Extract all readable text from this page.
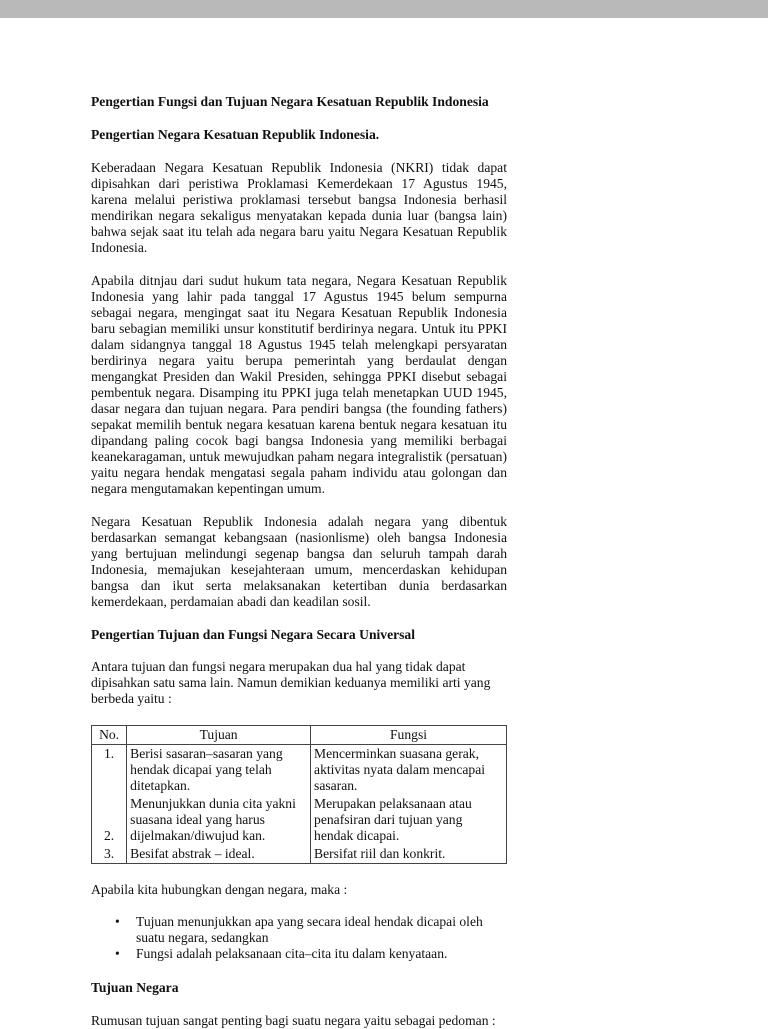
Pengertian Fungsi dan Tujuan Negara Kesatuan Republik Indonesia

Pengertian Negara Kesatuan Republik Indonesia.

Keberadaan Negara Kesatuan Republik Indonesia (NKRI) tidak dapat dipisahkan dari peristiwa Proklamasi Kemerdekaan 17 Agustus 1945, karena melalui peristiwa proklamasi tersebut bangsa Indonesia berhasil mendirikan negara sekaligus menyatakan kepada dunia luar (bangsa lain) bahwa sejak saat itu telah ada negara baru yaitu Negara Kesatuan Republik Indonesia.

Apabila ditnjau dari sudut hukum tata negara, Negara Kesatuan Republik Indonesia yang lahir pada tanggal 17 Agustus 1945 belum sempurna sebagai negara, mengingat saat itu Negara Kesatuan Republik Indonesia baru sebagian memiliki unsur konstitutif berdirinya negara. Untuk itu PPKI dalam sidangnya tanggal 18 Agustus 1945 telah melengkapi persyaratan berdirinya negara yaitu berupa pemerintah yang berdaulat dengan mengangkat Presiden dan Wakil Presiden, sehingga PPKI disebut sebagai pembentuk negara. Disamping itu PPKI juga telah menetapkan UUD 1945, dasar negara dan tujuan negara. Para pendiri bangsa (the founding fathers) sepakat memilih bentuk negara kesatuan karena bentuk negara kesatuan itu dipandang paling cocok bagi bangsa Indonesia yang memiliki berbagai keanekaragaman, untuk mewujudkan paham negara integralistik (persatuan) yaitu negara hendak mengatasi segala paham individu atau golongan dan negara mengutamakan kepentingan umum.

Negara Kesatuan Republik Indonesia adalah negara yang dibentuk berdasarkan semangat kebangsaan (nasionlisme) oleh bangsa Indonesia yang bertujuan melindungi segenap bangsa dan seluruh tampah darah Indonesia, memajukan kesejahteraan umum, mencerdaskan kehidupan bangsa dan ikut serta melaksanakan ketertiban dunia berdasarkan kemerdekaan, perdamaian abadi dan keadilan sosil.

Pengertian Tujuan dan Fungsi Negara Secara Universal

Antara tujuan dan fungsi negara merupakan dua hal yang tidak dapat dipisahkan satu sama lain. Namun demikian keduanya memiliki arti yang berbeda yaitu :

No.	Tujuan	Fungsi
1.	Berisi sasaran–sasaran yang hendak dicapai yang telah ditetapkan.	Mencerminkan suasana gerak, aktivitas nyata dalam mencapai sasaran.
2.	Menunjukkan dunia cita yakni suasana ideal yang harus dijelmakan/diwujud kan.	Merupakan pelaksanaan atau penafsiran dari tujuan yang hendak dicapai.
3.	Besifat abstrak – ideal.	Bersifat riil dan konkrit.

Apabila kita hubungkan dengan negara, maka :

• Tujuan menunjukkan apa yang secara ideal hendak dicapai oleh suatu negara, sedangkan
• Fungsi adalah pelaksanaan cita–cita itu dalam kenyataan.

Tujuan Negara

Rumusan tujuan sangat penting bagi suatu negara yaitu sebagai pedoman :
